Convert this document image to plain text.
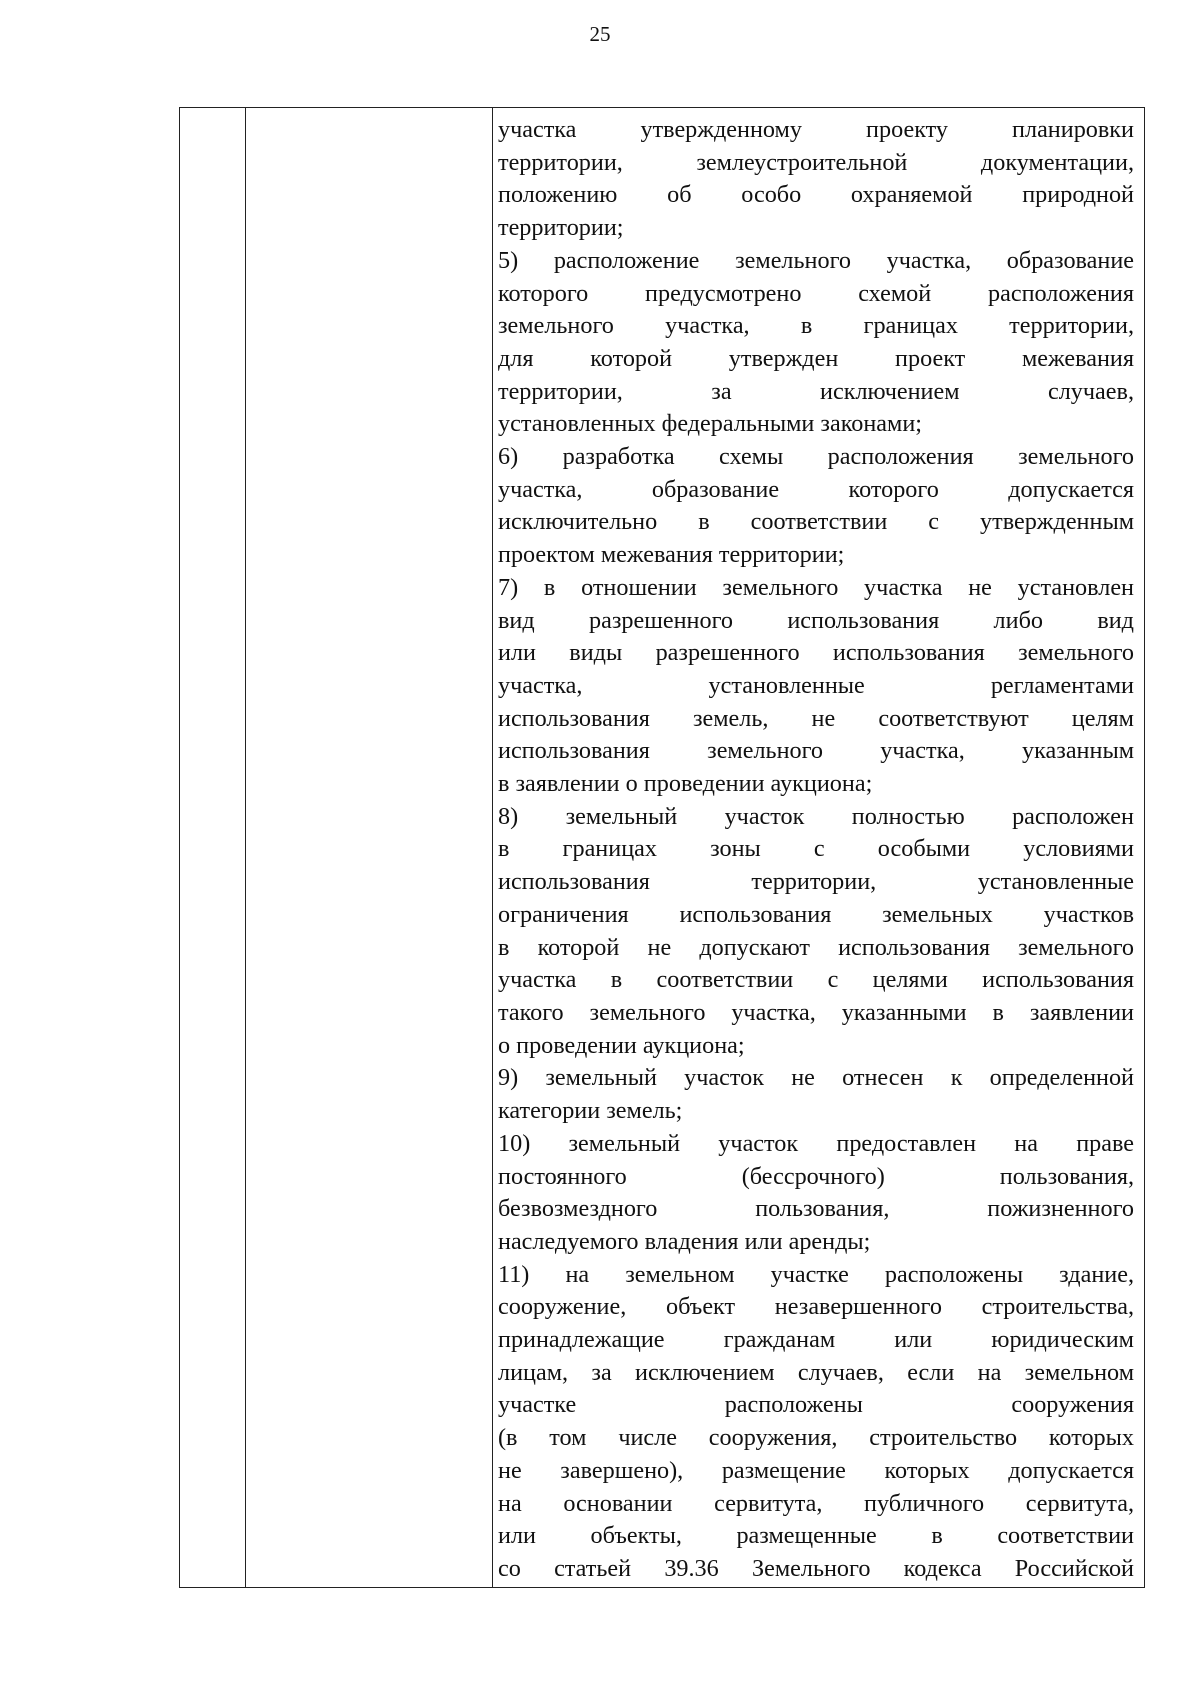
25
участка утвержденному проекту планировки
территории, землеустроительной документации,
положению об особо охраняемой природной
территории;
5) расположение земельного участка, образование
которого предусмотрено схемой расположения
земельного участка, в границах территории,
для которой утвержден проект межевания
территории, за исключением случаев,
установленных федеральными законами;
6) разработка схемы расположения земельного
участка, образование которого допускается
исключительно в соответствии с утвержденным
проектом межевания территории;
7) в отношении земельного участка не установлен
вид разрешенного использования либо вид
или виды разрешенного использования земельного
участка, установленные регламентами
использования земель, не соответствуют целям
использования земельного участка, указанным
в заявлении о проведении аукциона;
8) земельный участок полностью расположен
в границах зоны с особыми условиями
использования территории, установленные
ограничения использования земельных участков
в которой не допускают использования земельного
участка в соответствии с целями использования
такого земельного участка, указанными в заявлении
о проведении аукциона;
9) земельный участок не отнесен к определенной
категории земель;
10) земельный участок предоставлен на праве
постоянного (бессрочного) пользования,
безвозмездного пользования, пожизненного
наследуемого владения или аренды;
11) на земельном участке расположены здание,
сооружение, объект незавершенного строительства,
принадлежащие гражданам или юридическим
лицам, за исключением случаев, если на земельном
участке расположены сооружения
(в том числе сооружения, строительство которых
не завершено), размещение которых допускается
на основании сервитута, публичного сервитута,
или объекты, размещенные в соответствии
со статьей 39.36 Земельного кодекса Российской
